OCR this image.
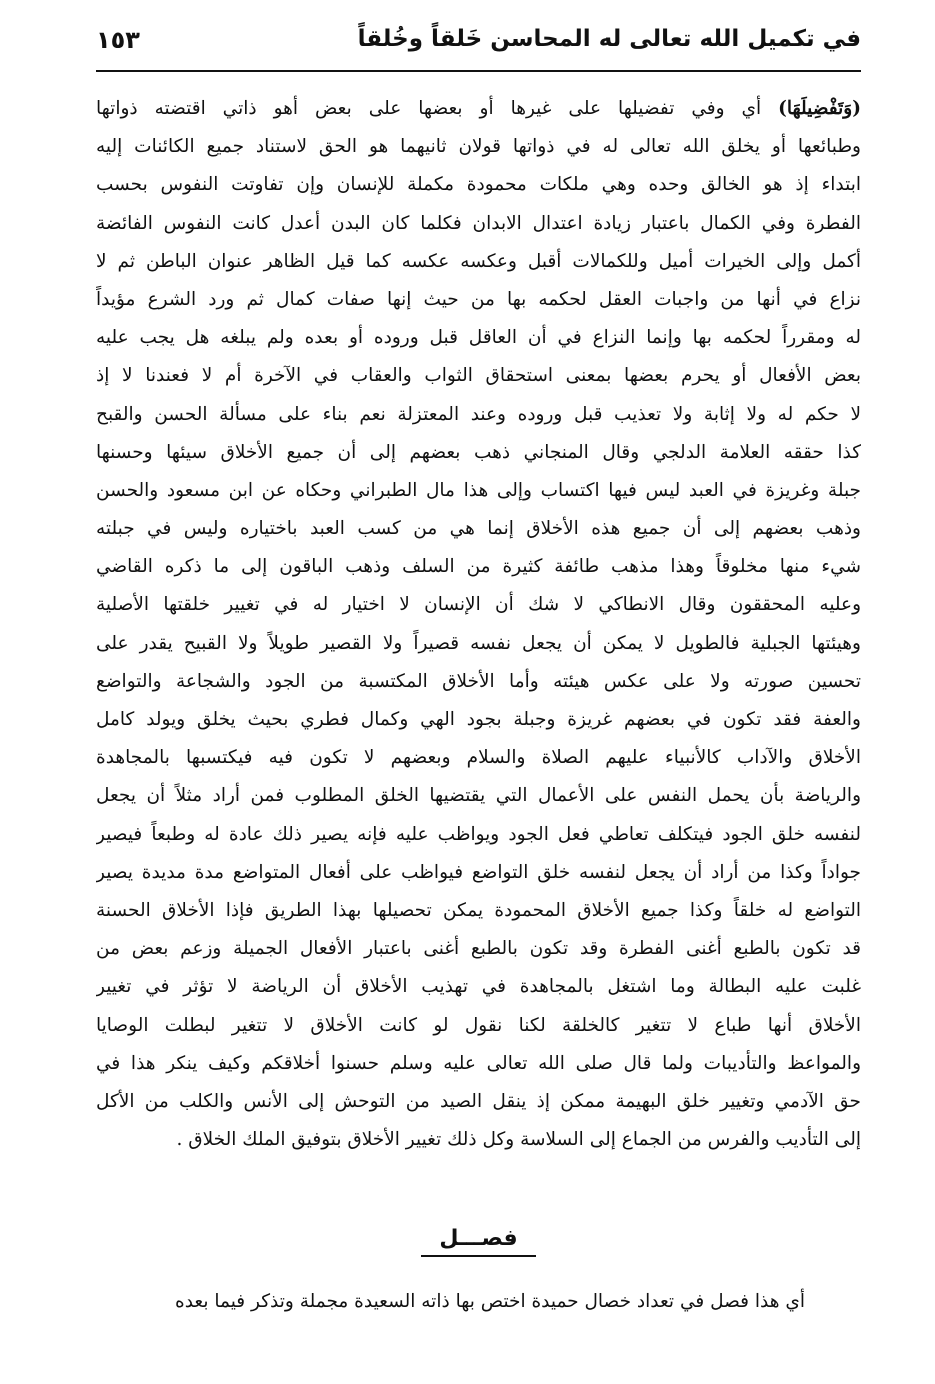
في تكميل الله تعالى له المحاسن خَلقاً وخُلقاً
١٥٣
(وَتَفْضِيلَهَا) أي وفي تفضيلها على غيرها أو بعضها على بعض أهو ذاتي اقتضته ذواتها
وطبائعها أو يخلق الله تعالى له في ذواتها قولان ثانيهما هو الحق لاستناد جميع الكائنات إليه
ابتداء إذ هو الخالق وحده وهي ملكات محمودة مكملة للإنسان وإن تفاوتت النفوس بحسب
الفطرة وفي الكمال باعتبار زيادة اعتدال الابدان فكلما كان البدن أعدل كانت النفوس الفائضة
أكمل وإلى الخيرات أميل وللكمالات أقبل وعكسه عكسه كما قيل الظاهر عنوان الباطن ثم لا
نزاع في أنها من واجبات العقل لحكمه بها من حيث إنها صفات كمال ثم ورد الشرع مؤيداً
له ومقرراً لحكمه بها وإنما النزاع في أن العاقل قبل وروده أو بعده ولم يبلغه هل يجب عليه
بعض الأفعال أو يحرم بعضها بمعنى استحقاق الثواب والعقاب في الآخرة أم لا فعندنا لا إذ
لا حكم له ولا إثابة ولا تعذيب قبل وروده وعند المعتزلة نعم بناء على مسألة الحسن والقبح
كذا حققه العلامة الدلجي وقال المنجاني ذهب بعضهم إلى أن جميع الأخلاق سيئها وحسنها
جبلة وغريزة في العبد ليس فيها اكتساب وإلى هذا مال الطبراني وحكاه عن ابن مسعود والحسن
وذهب بعضهم إلى أن جميع هذه الأخلاق إنما هي من كسب العبد باختياره وليس في جبلته
شيء منها مخلوقاً وهذا مذهب طائفة كثيرة من السلف وذهب الباقون إلى ما ذكره القاضي
وعليه المحققون وقال الانطاكي لا شك أن الإنسان لا اختيار له في تغيير خلقتها الأصلية
وهيئتها الجبلية فالطويل لا يمكن أن يجعل نفسه قصيراً ولا القصير طويلاً ولا القبيح يقدر على
تحسين صورته ولا على عكس هيئته وأما الأخلاق المكتسبة من الجود والشجاعة والتواضع
والعفة فقد تكون في بعضهم غريزة وجبلة بجود الهي وكمال فطري بحيث يخلق ويولد كامل
الأخلاق والآداب كالأنبياء عليهم الصلاة والسلام وبعضهم لا تكون فيه فيكتسبها بالمجاهدة
والرياضة بأن يحمل النفس على الأعمال التي يقتضيها الخلق المطلوب فمن أراد مثلاً أن يجعل
لنفسه خلق الجود فيتكلف تعاطي فعل الجود ويواظب عليه فإنه يصير ذلك عادة له وطبعاً فيصير
جواداً وكذا من أراد أن يجعل لنفسه خلق التواضع فيواظب على أفعال المتواضع مدة مديدة يصير
التواضع له خلقاً وكذا جميع الأخلاق المحمودة يمكن تحصيلها بهذا الطريق فإذا الأخلاق الحسنة
قد تكون بالطبع أغنى الفطرة وقد تكون بالطبع أغنى باعتبار الأفعال الجميلة وزعم بعض من
غلبت عليه البطالة وما اشتغل بالمجاهدة في تهذيب الأخلاق أن الرياضة لا تؤثر في تغيير
الأخلاق أنها طباع لا تتغير كالخلقة لكنا نقول لو كانت الأخلاق لا تتغير لبطلت الوصايا
والمواعظ والتأديبات ولما قال صلى الله تعالى عليه وسلم حسنوا أخلاقكم وكيف ينكر هذا في
حق الآدمي وتغيير خلق البهيمة ممكن إذ ينقل الصيد من التوحش إلى الأنس والكلب من الأكل
إلى التأديب والفرس من الجماع إلى السلاسة وكل ذلك تغيير الأخلاق بتوفيق الملك الخلاق .
فصـــل
أي هذا فصل في تعداد خصال حميدة اختص بها ذاته السعيدة مجملة وتذكر فيما بعده
